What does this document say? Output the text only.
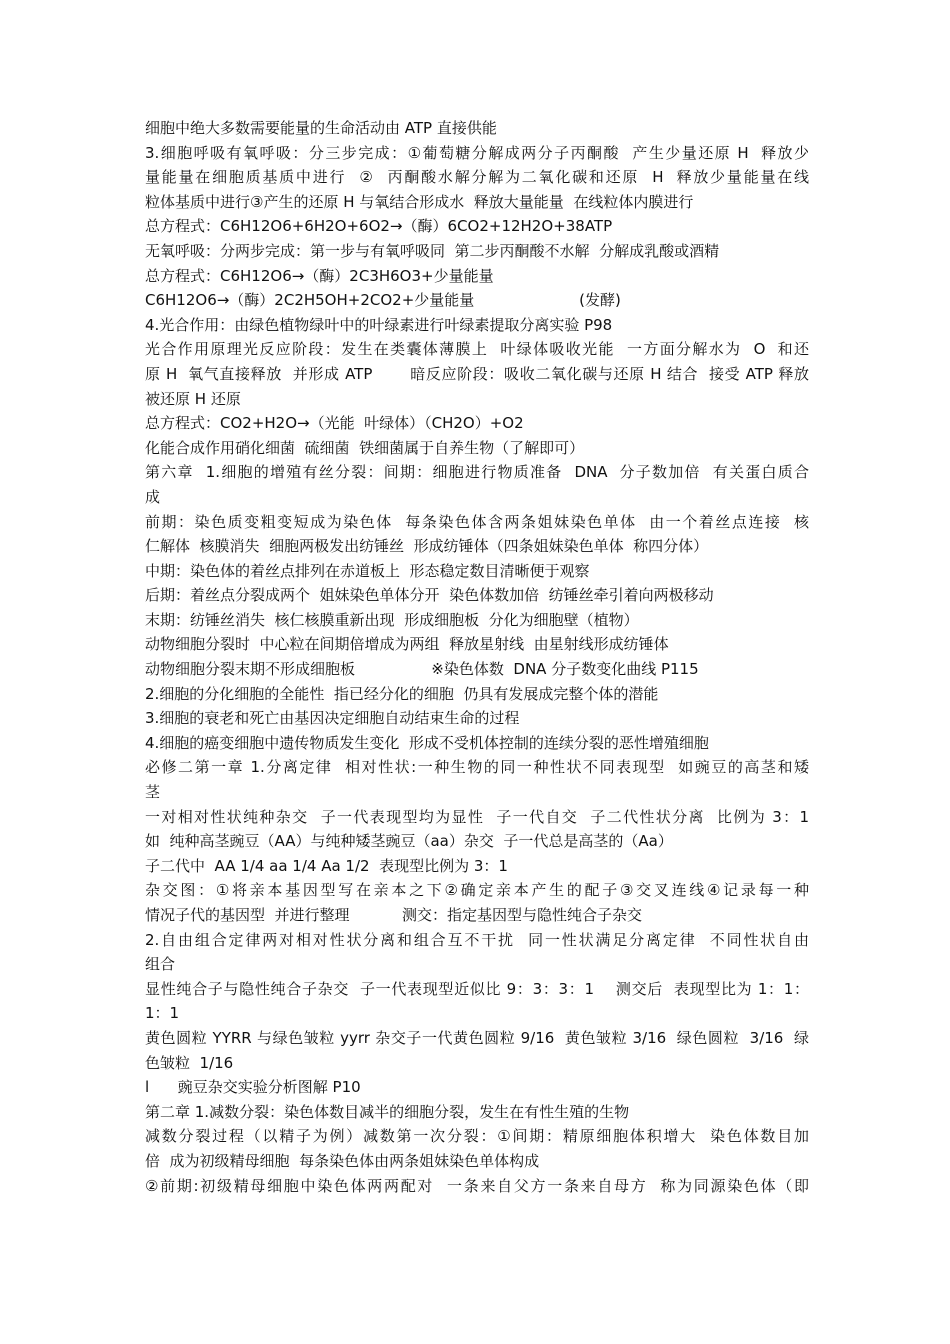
细胞中绝大多数需要能量的生命活动由 ATP 直接供能
3.细胞呼吸有氧呼吸：分三步完成：①葡萄糖分解成两分子丙酮酸  产生少量还原 H  释放少
量能量在细胞质基质中进行  ②  丙酮酸水解分解为二氧化碳和还原  H  释放少量能量在线
粒体基质中进行③产生的还原 H 与氧结合形成水  释放大量能量  在线粒体内膜进行
总方程式：C6H12O6+6H2O+6O2→（酶）6CO2+12H2O+38ATP
无氧呼吸：分两步完成：第一步与有氧呼吸同  第二步丙酮酸不水解  分解成乳酸或酒精
总方程式：C6H12O6→（酶）2C3H6O3+少量能量
C6H12O6→（酶）2C2H5OH+2CO2+少量能量                      (发酵)
4.光合作用：由绿色植物绿叶中的叶绿素进行叶绿素提取分离实验 P98
光合作用原理光反应阶段：发生在类囊体薄膜上  叶绿体吸收光能  一方面分解水为  O  和还
原 H  氧气直接释放  并形成 ATP       暗反应阶段：吸收二氧化碳与还原 H 结合  接受 ATP 释放
被还原 H 还原
总方程式：CO2+H2O→（光能  叶绿体）（CH2O）+O2
化能合成作用硝化细菌  硫细菌  铁细菌属于自养生物（了解即可）
第六章  1.细胞的增殖有丝分裂：间期：细胞进行物质准备  DNA  分子数加倍  有关蛋白质合
成
前期：染色质变粗变短成为染色体  每条染色体含两条姐妹染色单体  由一个着丝点连接  核
仁解体  核膜消失  细胞两极发出纺锤丝  形成纺锤体（四条姐妹染色单体  称四分体）
中期：染色体的着丝点排列在赤道板上  形态稳定数目清晰便于观察
后期：着丝点分裂成两个  姐妹染色单体分开  染色体数加倍  纺锤丝牵引着向两极移动
末期：纺锤丝消失  核仁核膜重新出现  形成细胞板  分化为细胞壁（植物）
动物细胞分裂时  中心粒在间期倍增成为两组  释放星射线  由星射线形成纺锤体
动物细胞分裂末期不形成细胞板                ※染色体数  DNA 分子数变化曲线 P115
2.细胞的分化细胞的全能性  指已经分化的细胞  仍具有发展成完整个体的潜能
3.细胞的衰老和死亡由基因决定细胞自动结束生命的过程
4.细胞的癌变细胞中遗传物质发生变化  形成不受机体控制的连续分裂的恶性增殖细胞
必修二第一章 1.分离定律  相对性状:一种生物的同一种性状不同表现型  如豌豆的高茎和矮
茎
一对相对性状纯种杂交  子一代表现型均为显性  子一代自交  子二代性状分离  比例为 3：1
如  纯种高茎豌豆（AA）与纯种矮茎豌豆（aa）杂交  子一代总是高茎的（Aa）
子二代中  AA 1/4 aa 1/4 Aa 1/2  表现型比例为 3：1
杂交图：①将亲本基因型写在亲本之下②确定亲本产生的配子③交叉连线④记录每一种
情况子代的基因型  并进行整理           测交：指定基因型与隐性纯合子杂交
2.自由组合定律两对相对性状分离和组合互不干扰  同一性状满足分离定律  不同性状自由
组合
显性纯合子与隐性纯合子杂交  子一代表现型近似比 9：3：3：1    测交后  表现型比为 1：1：
1：1
黄色圆粒 YYRR 与绿色皱粒 yyrr 杂交子一代黄色圆粒 9/16  黄色皱粒 3/16  绿色圆粒  3/16  绿
色皱粒  1/16
l      豌豆杂交实验分析图解 P10
第二章 1.减数分裂：染色体数目减半的细胞分裂，发生在有性生殖的生物
减数分裂过程（以精子为例）减数第一次分裂：①间期：精原细胞体积增大  染色体数目加
倍  成为初级精母细胞  每条染色体由两条姐妹染色单体构成
②前期:初级精母细胞中染色体两两配对  一条来自父方一条来自母方  称为同源染色体（即
